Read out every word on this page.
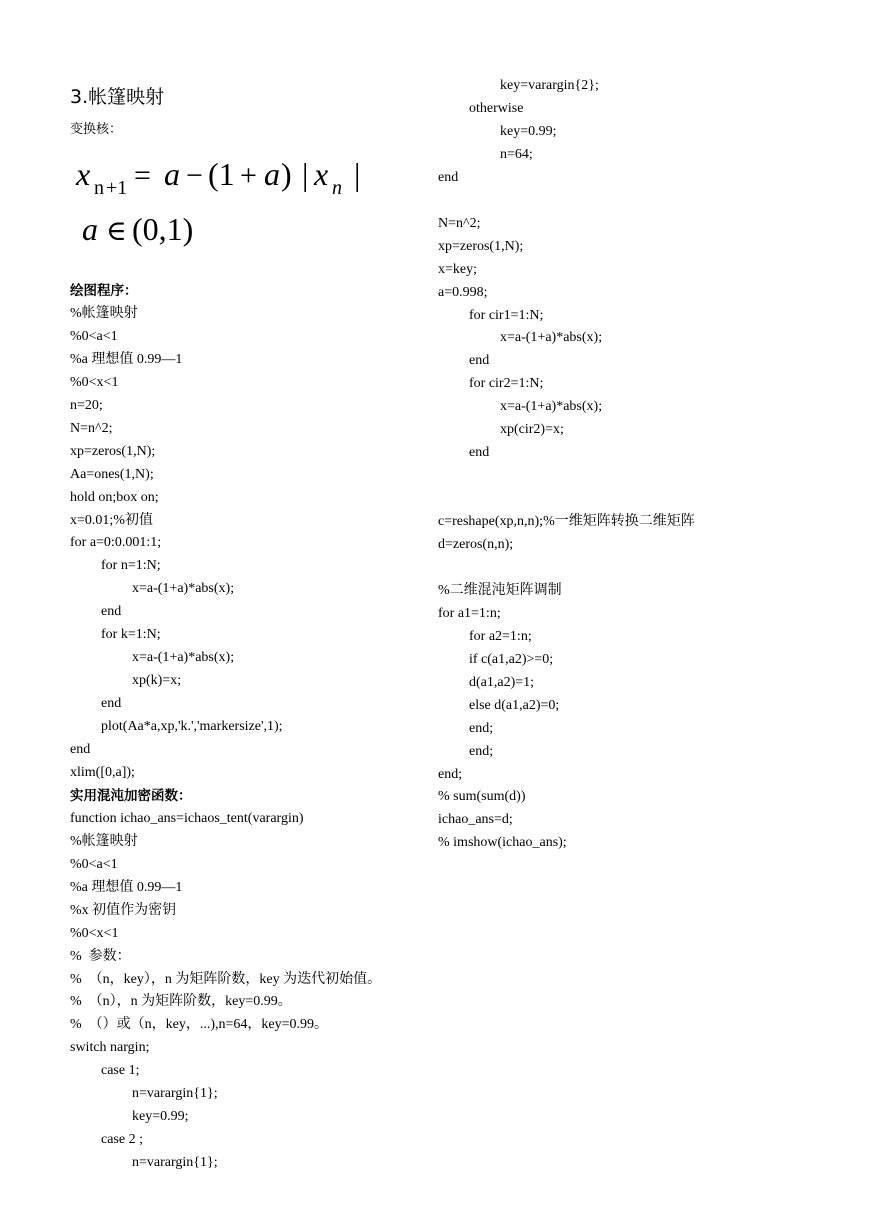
3.帐篷映射
变换核：
x n +1 = a − (1 + a ) | x n |
a ∈ (0,1)
绘图程序：
%帐篷映射
%0<a<1
%a 理想值 0.99—1
%0<x<1
n=20;
N=n^2;
xp=zeros(1,N);
Aa=ones(1,N);
hold on;box on;
x=0.01;%初值
for a=0:0.001:1;
for n=1:N;
x=a-(1+a)*abs(x);
end
for k=1:N;
x=a-(1+a)*abs(x);
xp(k)=x;
end
plot(Aa*a,xp,'k.','markersize',1);
end
xlim([0,a]);
实用混沌加密函数：
function ichao_ans=ichaos_tent(varargin)
%帐篷映射
%0<a<1
%a 理想值 0.99—1
%x 初值作为密钥
%0<x<1
%  参数：
%  （n，key），n 为矩阵阶数，key 为迭代初始值。
%  （n），n 为矩阵阶数，key=0.99。
%  （）或（n，key，...),n=64，key=0.99。
switch nargin;
case 1;
n=varargin{1};
key=0.99;
case 2 ;
n=varargin{1};
key=varargin{2};
otherwise
key=0.99;
n=64;
end
N=n^2;
xp=zeros(1,N);
x=key;
a=0.998;
for cir1=1:N;
x=a-(1+a)*abs(x);
end
for cir2=1:N;
x=a-(1+a)*abs(x);
xp(cir2)=x;
end
c=reshape(xp,n,n);%一维矩阵转换二维矩阵
d=zeros(n,n);
%二维混沌矩阵调制
for a1=1:n;
for a2=1:n;
if c(a1,a2)>=0;
d(a1,a2)=1;
else d(a1,a2)=0;
end;
end;
end;
% sum(sum(d))
ichao_ans=d;
% imshow(ichao_ans);
